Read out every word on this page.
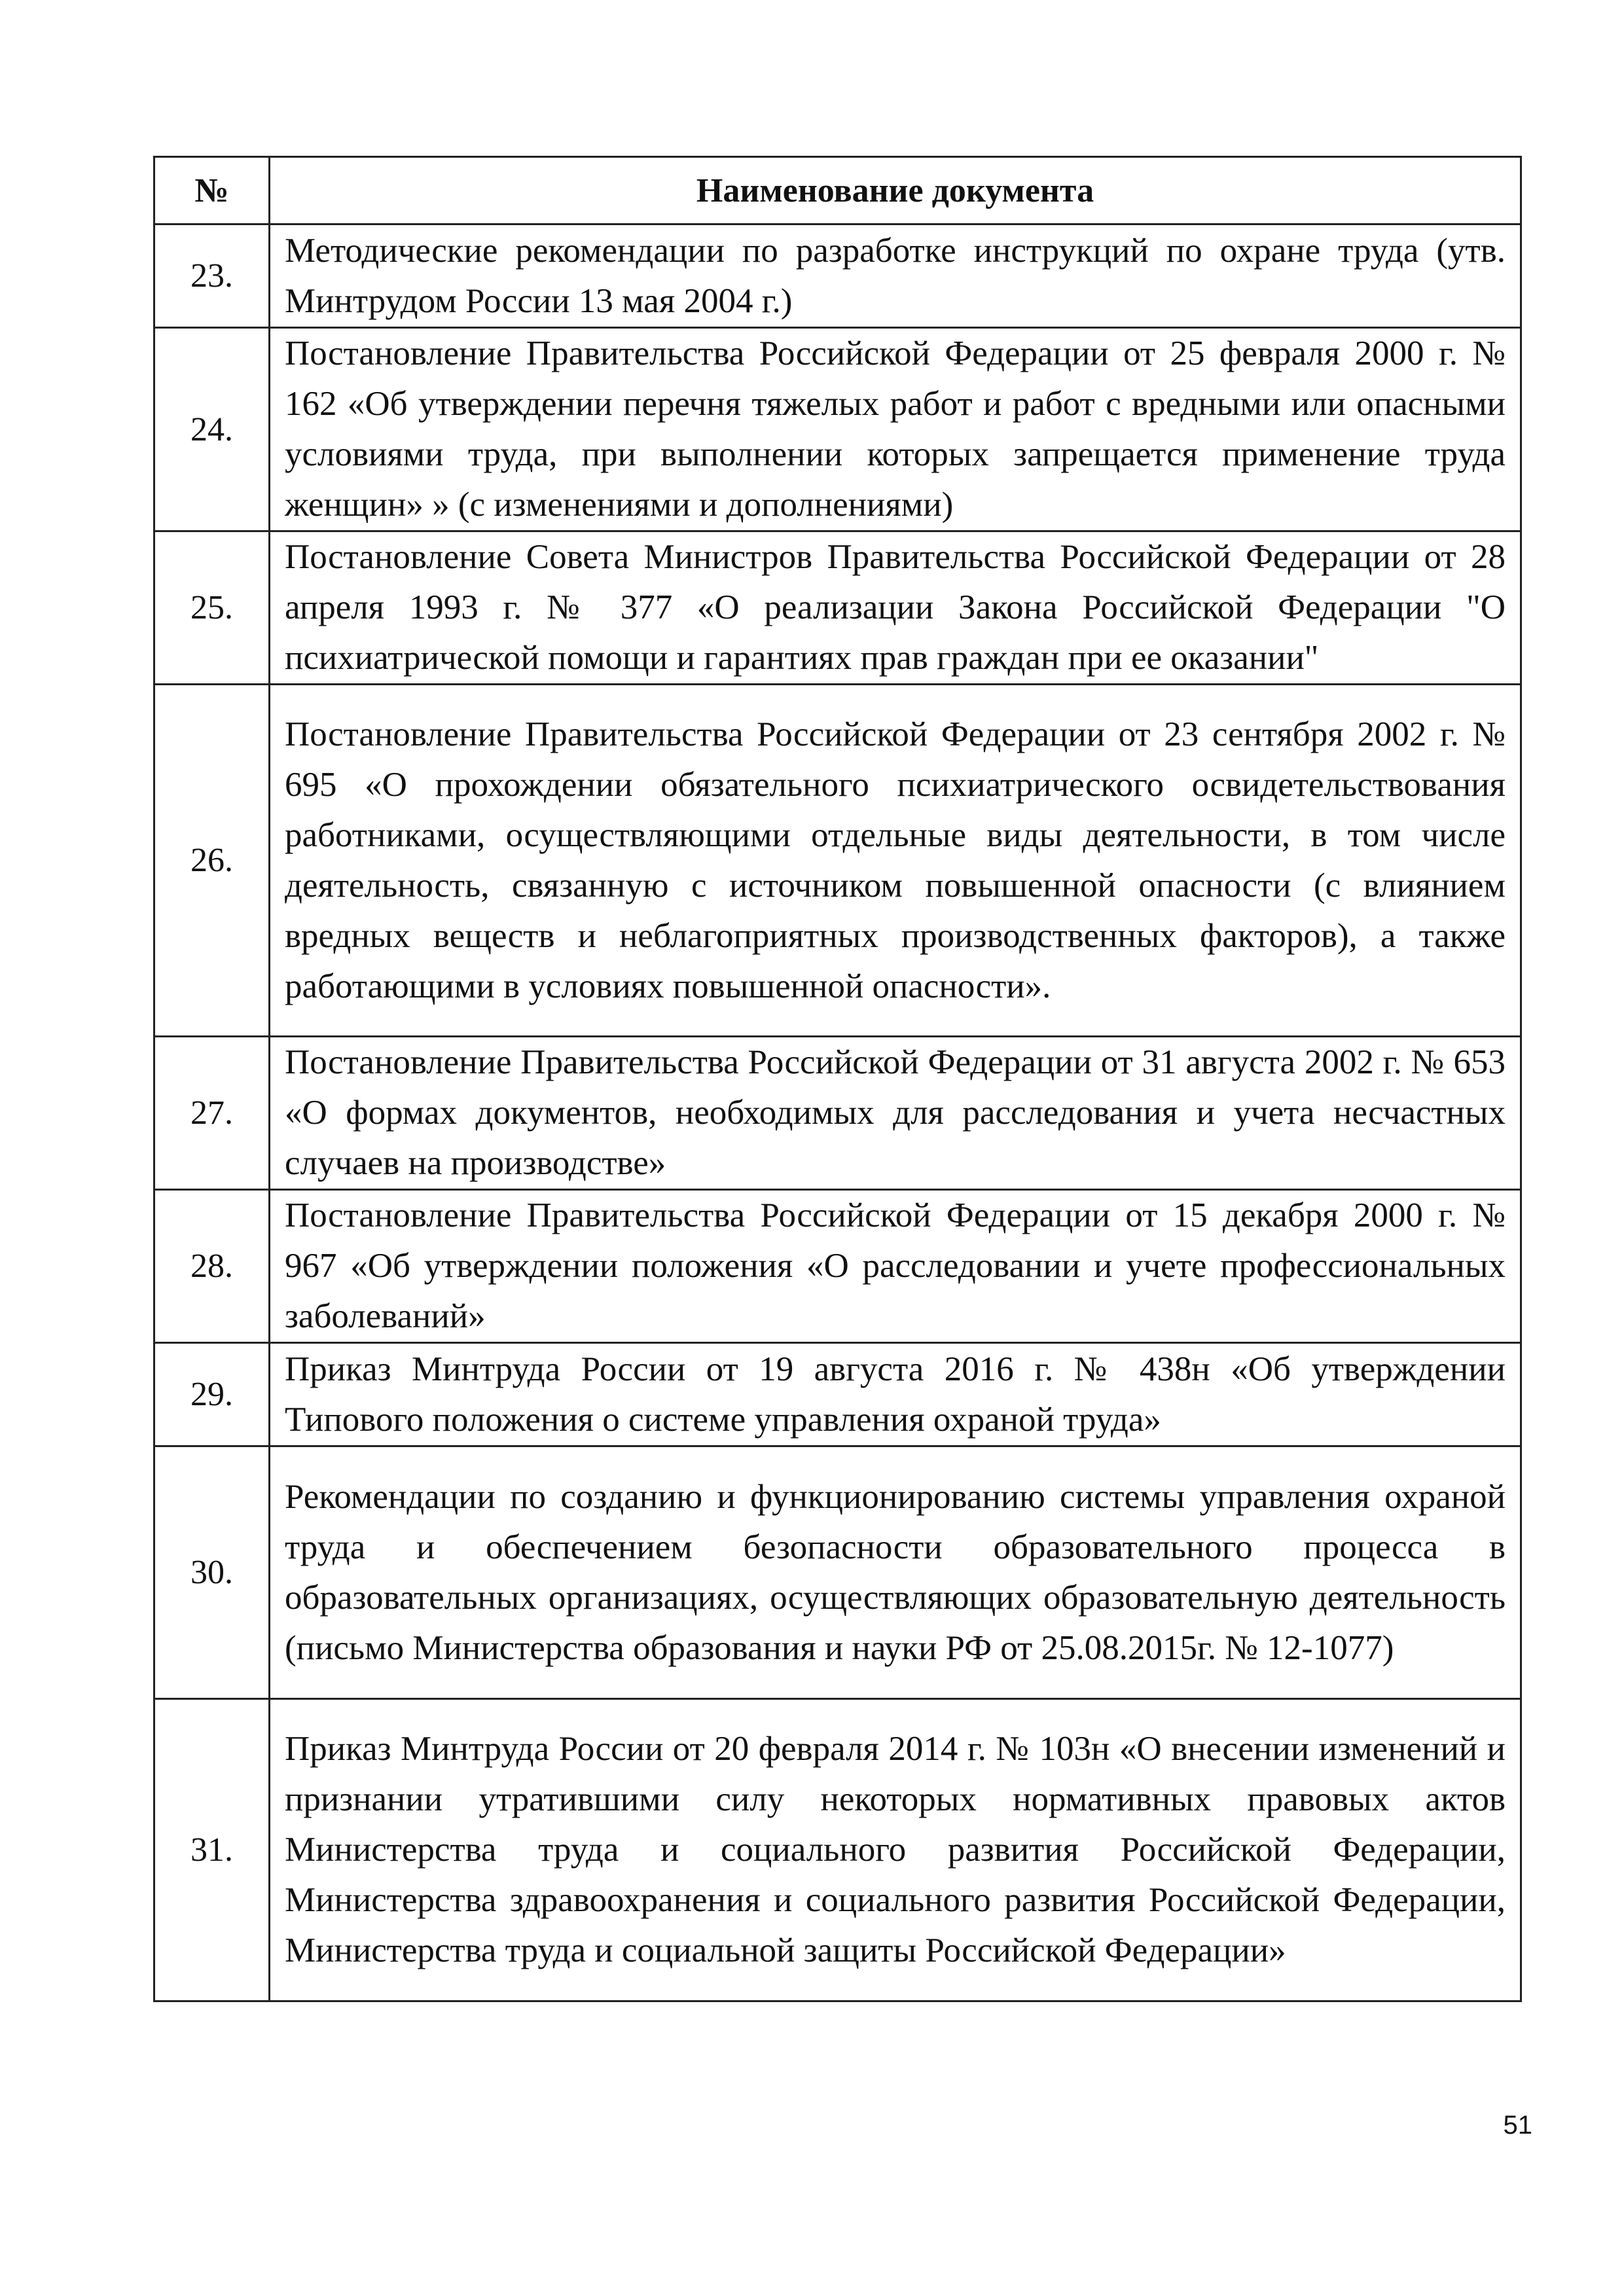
№	Наименование документа
23.	Методические рекомендации по разработке инструкций по охране труда (утв. Минтрудом России 13 мая 2004 г.)
24.	Постановление Правительства Российской Федерации от 25 февраля 2000 г. № 162 «Об утверждении перечня тяжелых работ и работ с вредными или опасными условиями труда, при выполнении которых запрещается применение труда женщин» » (с изменениями и дополнениями)
25.	Постановление Совета Министров Правительства Российской Федерации от 28 апреля 1993 г. № 377 «О реализации Закона Российской Федерации "О психиатрической помощи и гарантиях прав граждан при ее оказании"
26.	Постановление Правительства Российской Федерации от 23 сентября 2002 г. № 695 «О прохождении обязательного психиатрического освидетельствования работниками, осуществляющими отдельные виды деятельности, в том числе деятельность, связанную с источником повышенной опасности (с влиянием вредных веществ и неблагоприятных производственных факторов), а также работающими в условиях повышенной опасности».
27.	Постановление Правительства Российской Федерации от 31 августа 2002 г. № 653 «О формах документов, необходимых для расследования и учета несчастных случаев на производстве»
28.	Постановление Правительства Российской Федерации от 15 декабря 2000 г. № 967 «Об утверждении положения «О расследовании и учете профессиональных заболеваний»
29.	Приказ Минтруда России от 19 августа 2016 г. № 438н «Об утверждении Типового положения о системе управления охраной труда»
30.	Рекомендации по созданию и функционированию системы управления охраной труда и обеспечением безопасности образовательного процесса в образовательных организациях, осуществляющих образовательную деятельность (письмо Министерства образования и науки РФ от 25.08.2015г. № 12-1077)
31.	Приказ Минтруда России от 20 февраля 2014 г. № 103н «О внесении изменений и признании утратившими силу некоторых нормативных правовых актов Министерства труда и социального развития Российской Федерации, Министерства здравоохранения и социального развития Российской Федерации, Министерства труда и социальной защиты Российской Федерации»
51
